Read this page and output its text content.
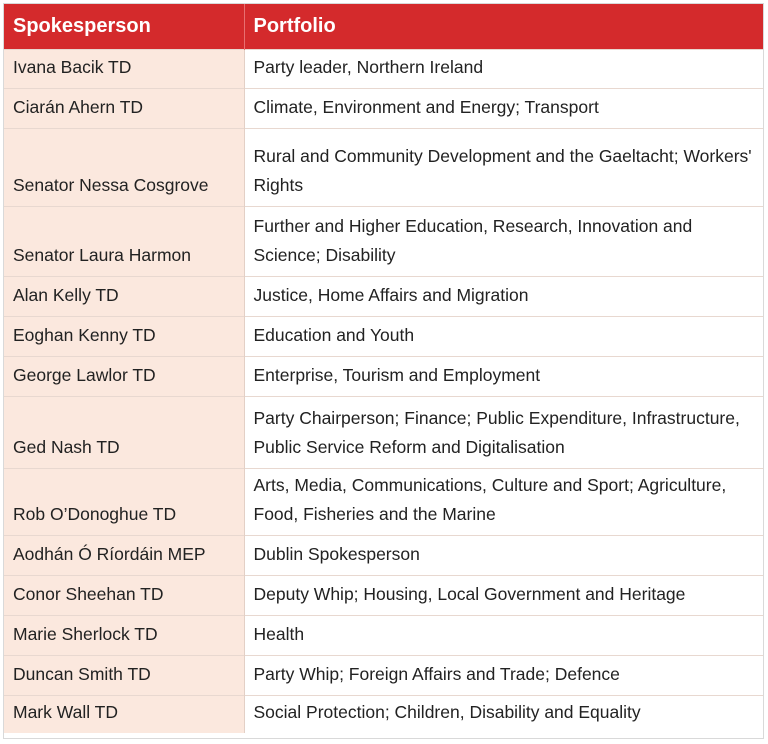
Spokesperson	Portfolio
Ivana Bacik TD	Party leader, Northern Ireland
Ciarán Ahern TD	Climate, Environment and Energy; Transport
Senator Nessa Cosgrove	Rural and Community Development and the Gaeltacht; Workers' Rights
Senator Laura Harmon	Further and Higher Education, Research, Innovation and Science; Disability
Alan Kelly TD	Justice, Home Affairs and Migration
Eoghan Kenny TD	Education and Youth
George Lawlor TD	Enterprise, Tourism and Employment
Ged Nash TD	Party Chairperson; Finance; Public Expenditure, Infrastructure, Public Service Reform and Digitalisation
Rob O’Donoghue TD	Arts, Media, Communications, Culture and Sport; Agriculture, Food, Fisheries and the Marine
Aodhán Ó Ríordáin MEP	Dublin Spokesperson
Conor Sheehan TD	Deputy Whip; Housing, Local Government and Heritage
Marie Sherlock TD	Health
Duncan Smith TD	Party Whip; Foreign Affairs and Trade; Defence
Mark Wall TD	Social Protection; Children, Disability and Equality
